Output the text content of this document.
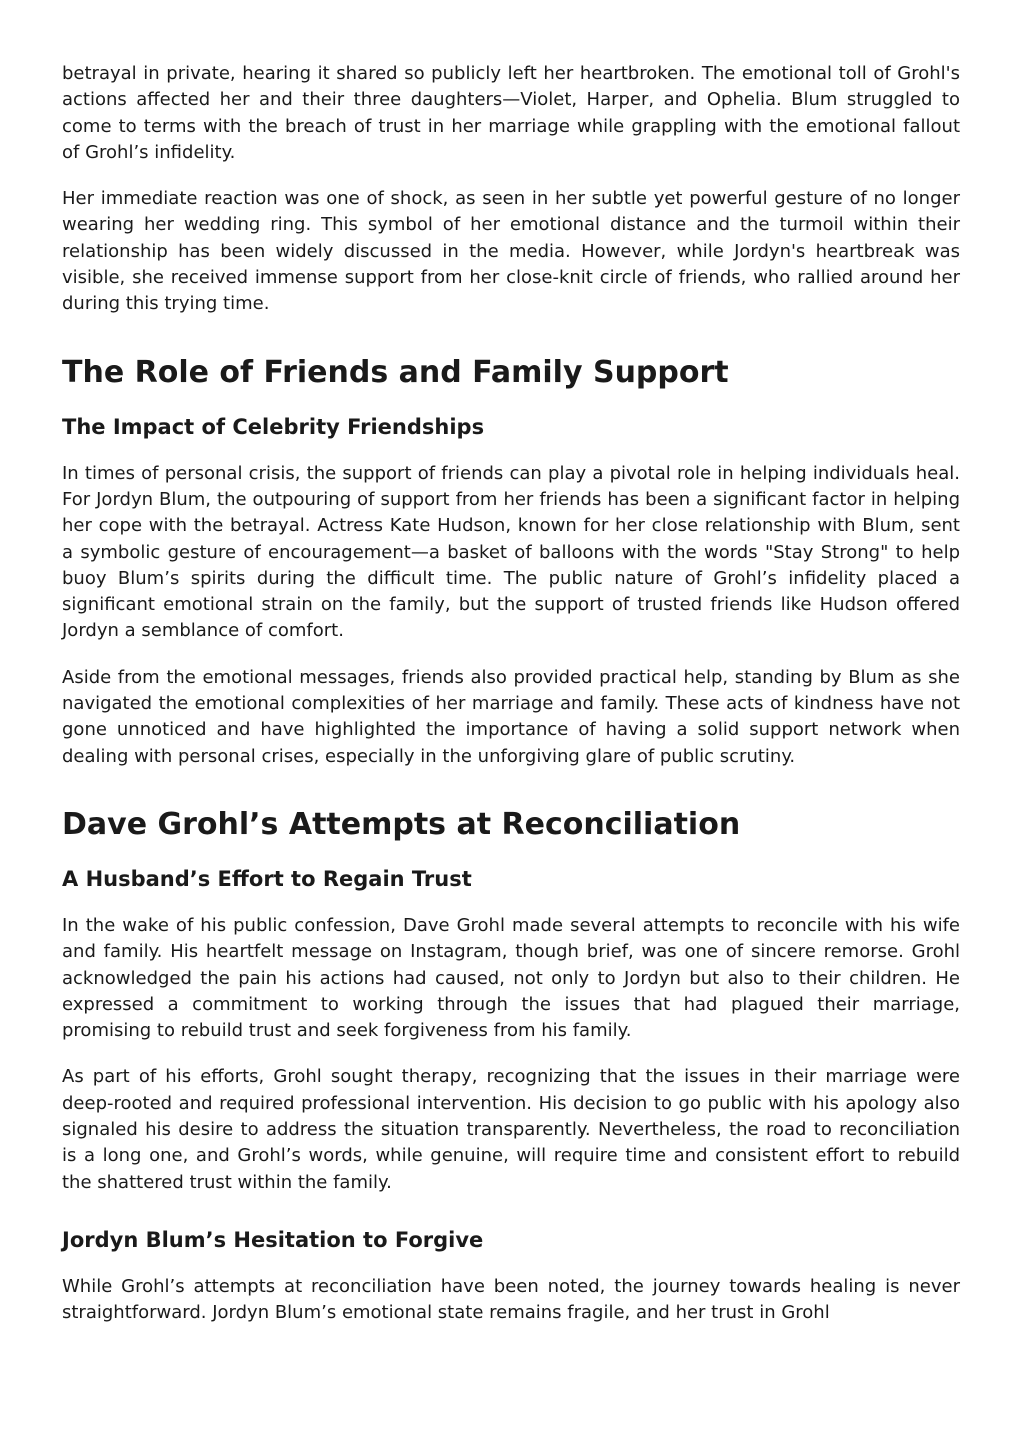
betrayal in private, hearing it shared so publicly left her heartbroken. The emotional toll of Grohl's actions affected her and their three daughters—Violet, Harper, and Ophelia. Blum struggled to come to terms with the breach of trust in her marriage while grappling with the emotional fallout of Grohl’s infidelity.

Her immediate reaction was one of shock, as seen in her subtle yet powerful gesture of no longer wearing her wedding ring. This symbol of her emotional distance and the turmoil within their relationship has been widely discussed in the media. However, while Jordyn's heartbreak was visible, she received immense support from her close-knit circle of friends, who rallied around her during this trying time.

The Role of Friends and Family Support
The Impact of Celebrity Friendships

In times of personal crisis, the support of friends can play a pivotal role in helping individuals heal. For Jordyn Blum, the outpouring of support from her friends has been a significant factor in helping her cope with the betrayal. Actress Kate Hudson, known for her close relationship with Blum, sent a symbolic gesture of encouragement—a basket of balloons with the words "Stay Strong" to help buoy Blum’s spirits during the difficult time. The public nature of Grohl’s infidelity placed a significant emotional strain on the family, but the support of trusted friends like Hudson offered Jordyn a semblance of comfort.

Aside from the emotional messages, friends also provided practical help, standing by Blum as she navigated the emotional complexities of her marriage and family. These acts of kindness have not gone unnoticed and have highlighted the importance of having a solid support network when dealing with personal crises, especially in the unforgiving glare of public scrutiny.

Dave Grohl’s Attempts at Reconciliation
A Husband’s Effort to Regain Trust

In the wake of his public confession, Dave Grohl made several attempts to reconcile with his wife and family. His heartfelt message on Instagram, though brief, was one of sincere remorse. Grohl acknowledged the pain his actions had caused, not only to Jordyn but also to their children. He expressed a commitment to working through the issues that had plagued their marriage, promising to rebuild trust and seek forgiveness from his family.

As part of his efforts, Grohl sought therapy, recognizing that the issues in their marriage were deep-rooted and required professional intervention. His decision to go public with his apology also signaled his desire to address the situation transparently. Nevertheless, the road to reconciliation is a long one, and Grohl’s words, while genuine, will require time and consistent effort to rebuild the shattered trust within the family.

Jordyn Blum’s Hesitation to Forgive

While Grohl’s attempts at reconciliation have been noted, the journey towards healing is never straightforward. Jordyn Blum’s emotional state remains fragile, and her trust in Grohl
